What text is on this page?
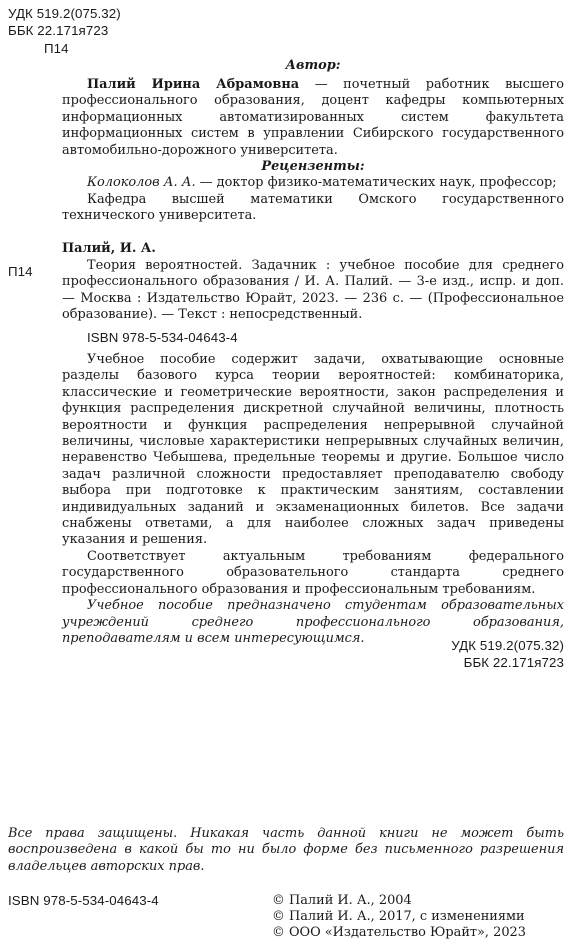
УДК 519.2(075.32)
ББК 22.171я723
П14
Автор:
Палий Ирина Абрамовна — почетный работник высшего профессионального образования, доцент кафедры компьютерных информационных автоматизированных систем факультета информационных систем в управлении Сибирского государственного автомобильно-дорожного университета.
Рецензенты:
Колоколов А. А. — доктор физико-математических наук, профессор;
Кафедра высшей математики Омского государственного технического университета.
Палий, И. А.
П14	Теория вероятностей. Задачник : учебное пособие для среднего профессионального образования / И. А. Палий. — 3-е изд., испр. и доп. — Москва : Издательство Юрайт, 2023. — 236 с. — (Профессиональное образование). — Текст : непосредственный.
ISBN 978-5-534-04643-4

Учебное пособие содержит задачи, охватывающие основные разделы базового курса теории вероятностей: комбинаторика, классические и геометрические вероятности, закон распределения и функция распределения дискретной случайной величины, плотность вероятности и функция распределения непрерывной случайной величины, числовые характеристики непрерывных случайных величин, неравенство Чебышева, предельные теоремы и другие. Большое число задач различной сложности предоставляет преподавателю свободу выбора при подготовке к практическим занятиям, составлении индивидуальных заданий и экзаменационных билетов. Все задачи снабжены ответами, а для наиболее сложных задач приведены указания и решения.

Соответствует актуальным требованиям федерального государственного образовательного стандарта среднего профессионального образования и профессиональным требованиям.

Учебное пособие предназначено студентам образовательных учреждений среднего профессионального образования, преподавателям и всем интересующимся.	УДК 519.2(075.32)
ББК 22.171я723
Все права защищены. Никакая часть данной книги не может быть воспроизведена в какой бы то ни было форме без письменного разрешения владельцев авторских прав.
ISBN 978-5-534-04643-4	© Палий И. А., 2004
© Палий И. А., 2017, с изменениями
© ООО «Издательство Юрайт», 2023
